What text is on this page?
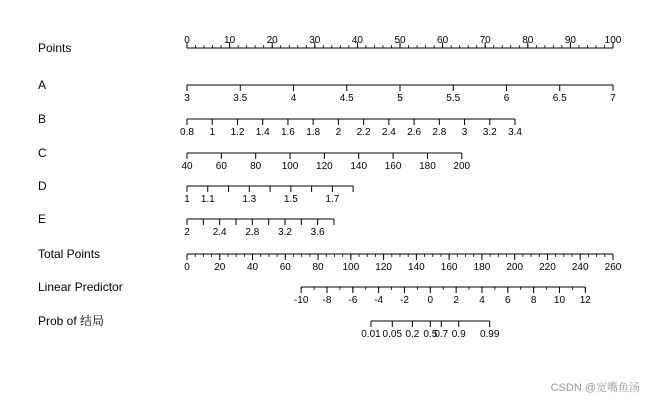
Points
0	10	20	30	40	50	60	70	80	90	100
A
3	3.5	4	4.5	5	5.5	6	6.5	7
B
0.8 1 1.2 1.4 1.6 1.8 2 2.2 2.4 2.6 2.8 3 3.2 3.4
C
40 60 80 100 120 140 160 180 200
D
1 1.1	1.3	1.5	1.7
E
2 2.4 2.8 3.2 3.6
Total Points
0 20 40 60 80 100 120 140 160 180 200 220 240 260
Linear Predictor
-10 -8 -6 -4 -2 0 2 4 6 8 10 12
Prob of 结局
0.01 0.05 0.2 0.5
0.7 0.9 0.99
CSDN @宽嘴鱼汤
